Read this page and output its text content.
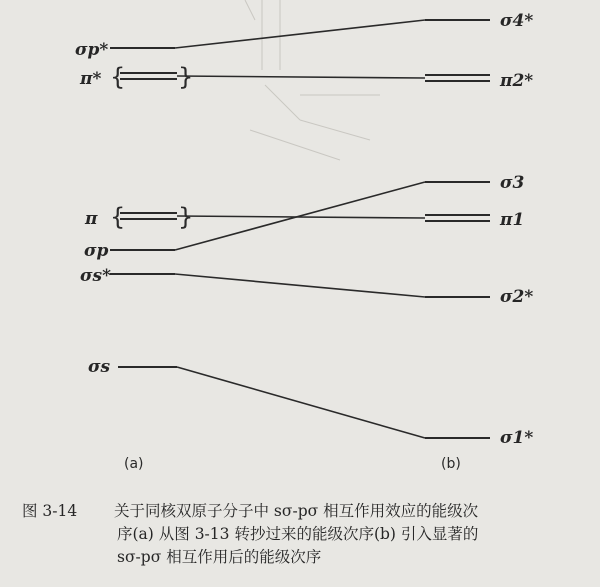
{ }
{ }
σp*
π*
π
σp
σs*
σs
σ4*
π2*
σ3
π1
σ2*
σ1*
(a)	(b)
图 3-14 关于同核双原子分子中 sσ-pσ 相互作用效应的能级次
序(a) 从图 3-13 转抄过来的能级次序(b) 引入显著的
sσ-pσ 相互作用后的能级次序
